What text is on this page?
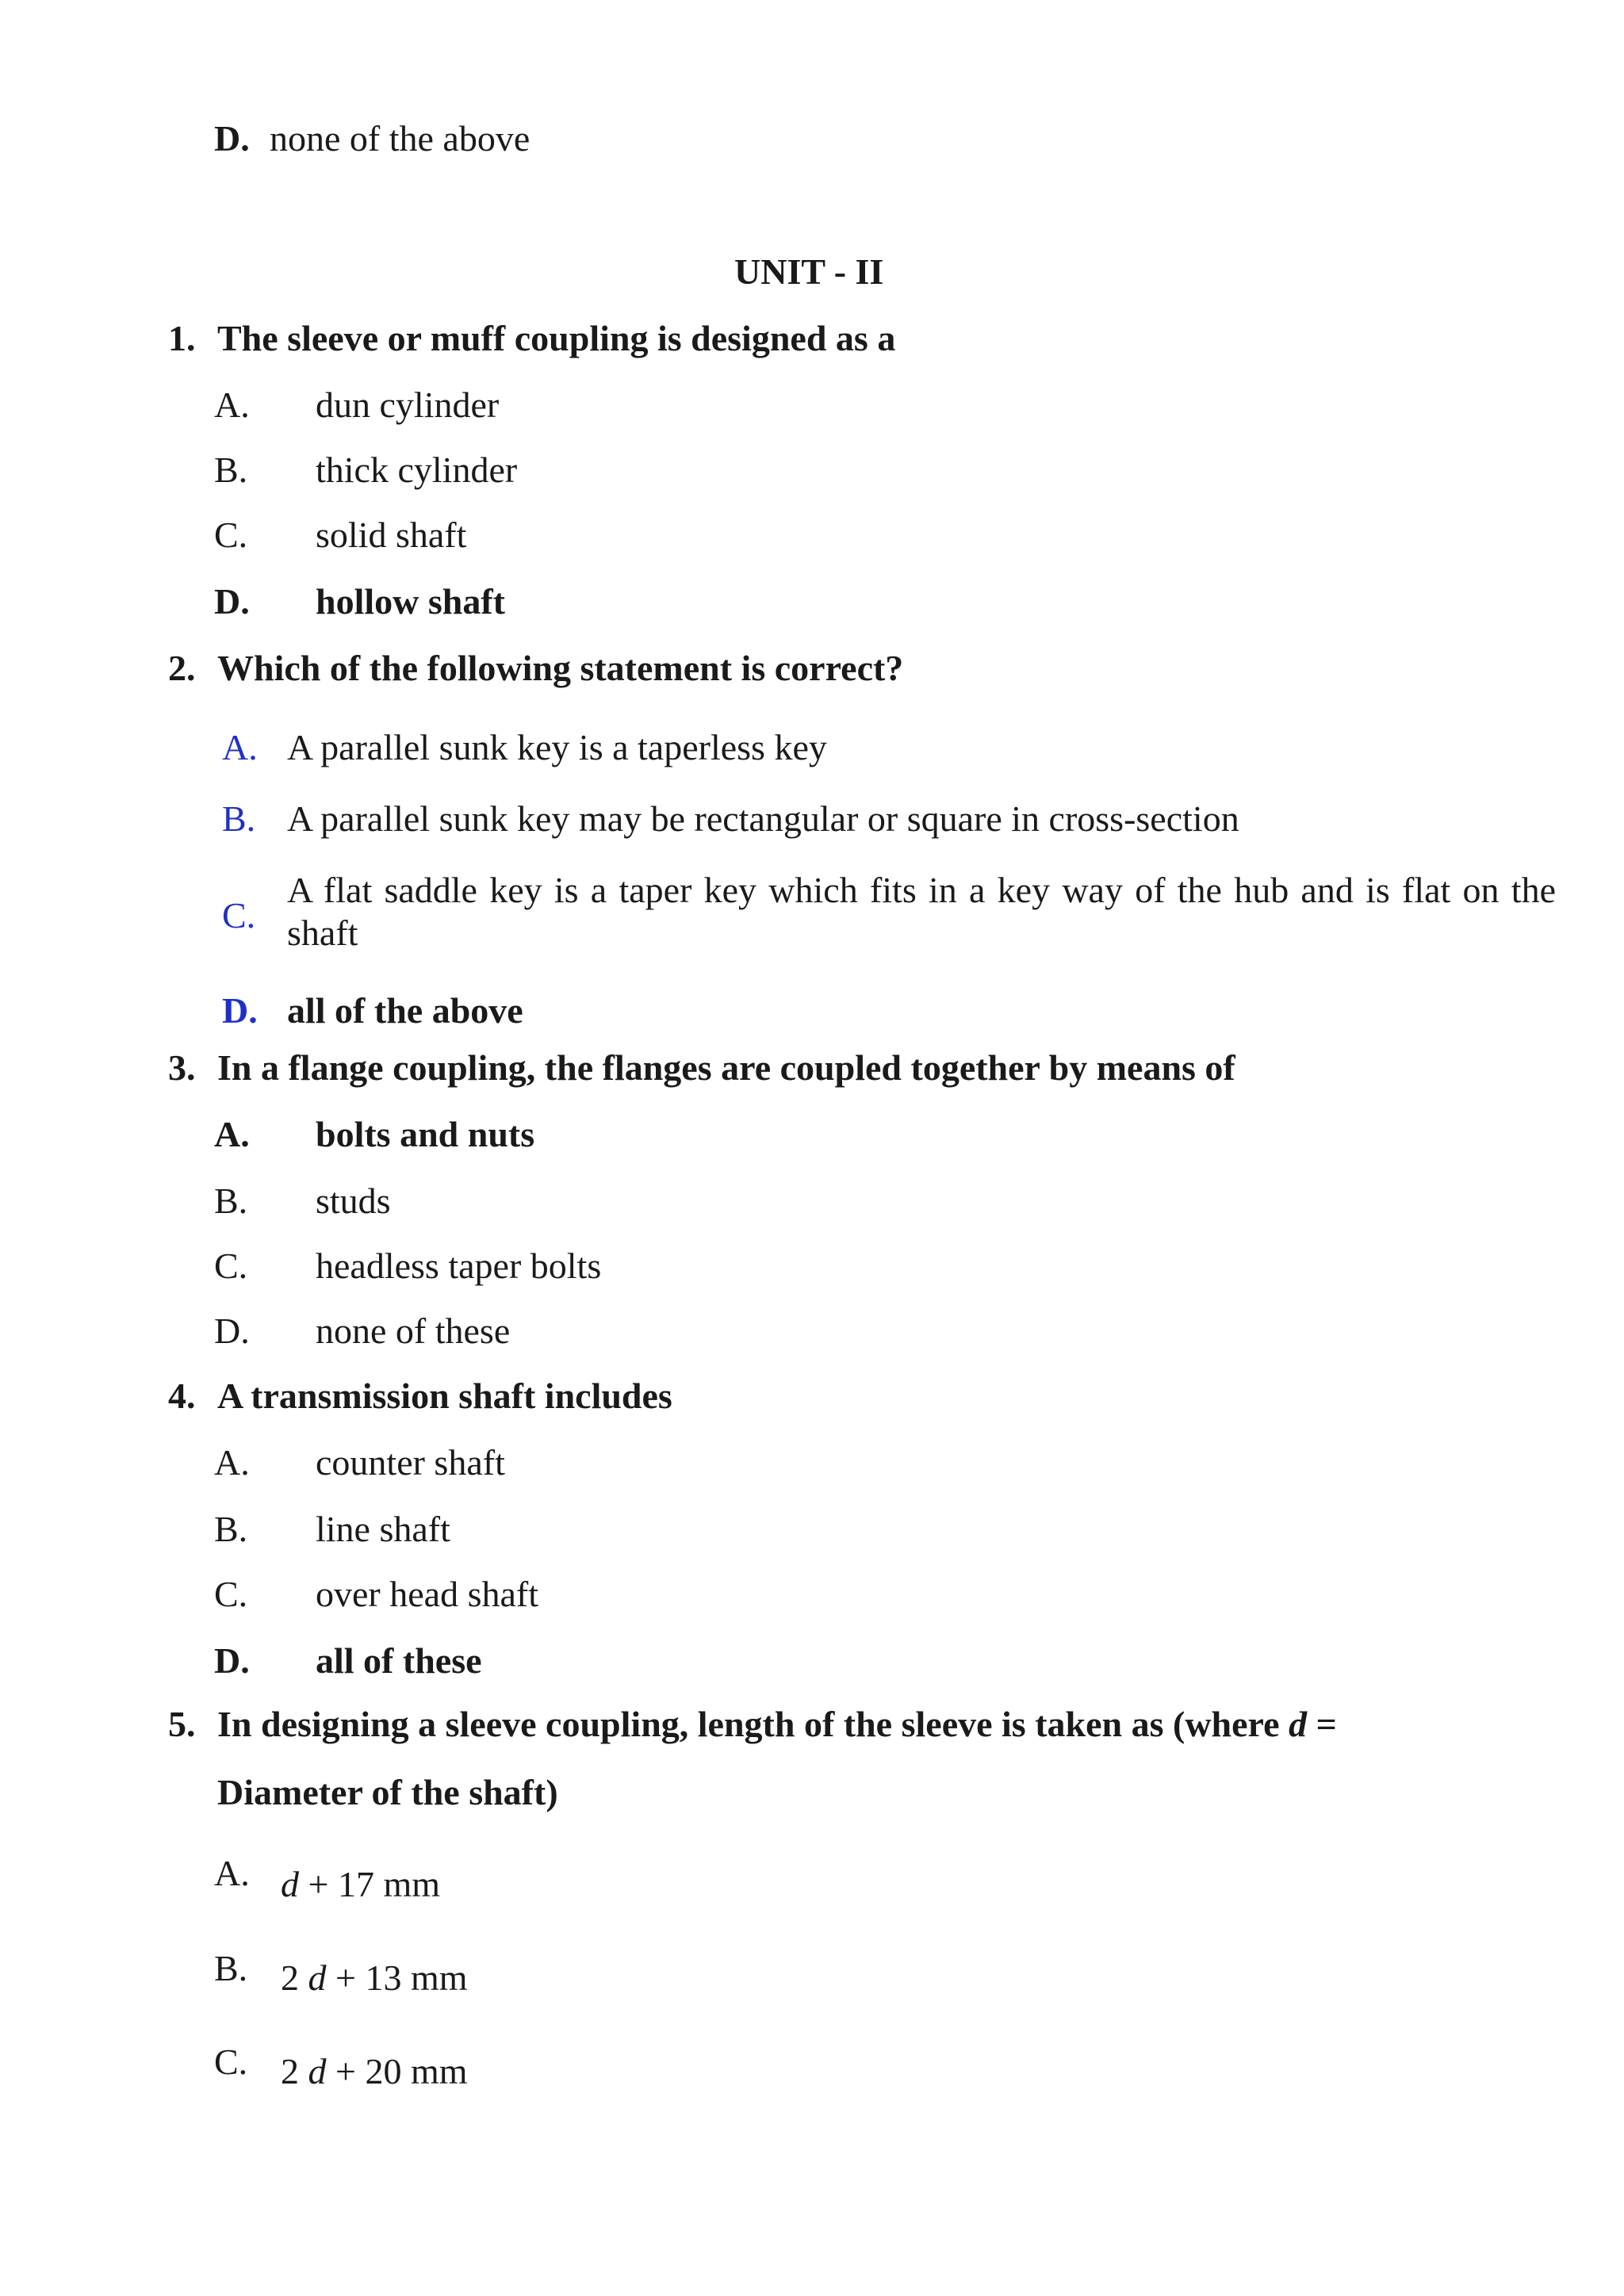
D. none of the above
UNIT - II
1. The sleeve or muff coupling is designed as a
A. dun cylinder
B. thick cylinder
C. solid shaft
D. hollow shaft
2. Which of the following statement is correct?
A. A parallel sunk key is a taperless key
B. A parallel sunk key may be rectangular or square in cross-section
C.
A flat saddle key is a taper key which fits in a key way of the hub and is flat on the shaft
D. all of the above
3. In a flange coupling, the flanges are coupled together by means of
A. bolts and nuts
B. studs
C. headless taper bolts
D. none of these
4. A transmission shaft includes
A. counter shaft
B. line shaft
C. over head shaft
D. all of these
5. In designing a sleeve coupling, length of the sleeve is taken as (where d =
Diameter of the shaft)
A. d + 17 mm
B. 2 d + 13 mm
C. 2 d + 20 mm
